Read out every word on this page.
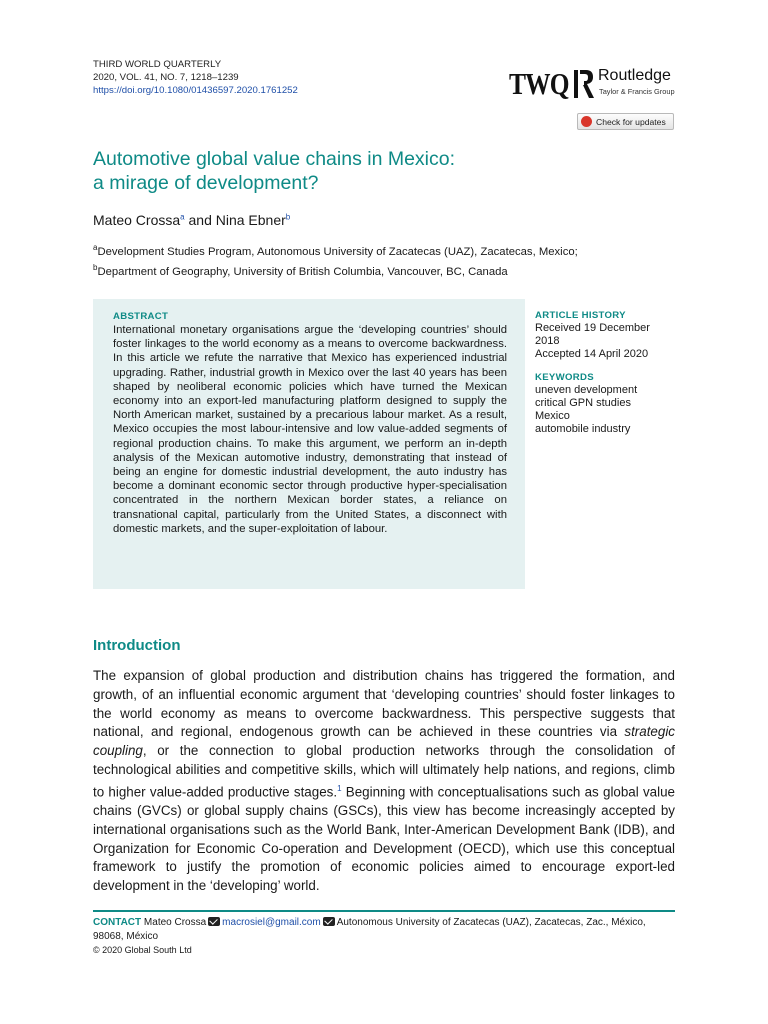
THIRD WORLD QUARTERLY
2020, VOL. 41, NO. 7, 1218–1239
https://doi.org/10.1080/01436597.2020.1761252	TWQ Routledge
Taylor & Francis Group
Check for updates
Automotive global value chains in Mexico:
a mirage of development?
Mateo Crossa$^a$ and Nina Ebner$^b$
$^a$Development Studies Program, Autonomous University of Zacatecas (UAZ), Zacatecas, Mexico;
$^b$Department of Geography, University of British Columbia, Vancouver, BC, Canada
ABSTRACT
International monetary organisations argue the ‘developing countries’ should foster linkages to the world economy as a means to overcome backwardness. In this article we refute the narrative that Mexico has experienced industrial upgrading. Rather, industrial growth in Mexico over the last 40 years has been shaped by neoliberal economic policies which have turned the Mexican economy into an export-led manufacturing platform designed to supply the North American market, sustained by a precarious labour market. As a result, Mexico occupies the most labour-intensive and low value-added segments of regional production chains. To make this argument, we perform an in-depth analysis of the Mexican automotive industry, demonstrating that instead of being an engine for domestic industrial development, the auto industry has become a dominant economic sector through productive hyper-specialisation concentrated in the northern Mexican border states, a reliance on transnational capital, particularly from the United States, a disconnect with domestic markets, and the super-exploitation of labour.
ARTICLE HISTORY
Received 19 December 2018
Accepted 14 April 2020
KEYWORDS
uneven development
critical GPN studies
Mexico
automobile industry
Introduction
The expansion of global production and distribution chains has triggered the formation, and growth, of an influential economic argument that ‘developing countries’ should foster linkages to the world economy as means to overcome backwardness. This perspective suggests that national, and regional, endogenous growth can be achieved in these countries via strategic coupling, or the connection to global production networks through the consolidation of technological abilities and competitive skills, which will ultimately help nations, and regions, climb to higher value-added productive stages.$^1$ Beginning with conceptualisations such as global value chains (GVCs) or global supply chains (GSCs), this view has become increasingly accepted by international organisations such as the World Bank, Inter-American Development Bank (IDB), and Organization for Economic Co-operation and Development (OECD), which use this conceptual framework to justify the promotion of economic policies aimed to encourage export-led development in the ‘developing’ world.
CONTACT Mateo Crossa macrosiel@gmail.com Autonomous University of Zacatecas (UAZ), Zacatecas, Zac., México, 98068, México
© 2020 Global South Ltd
